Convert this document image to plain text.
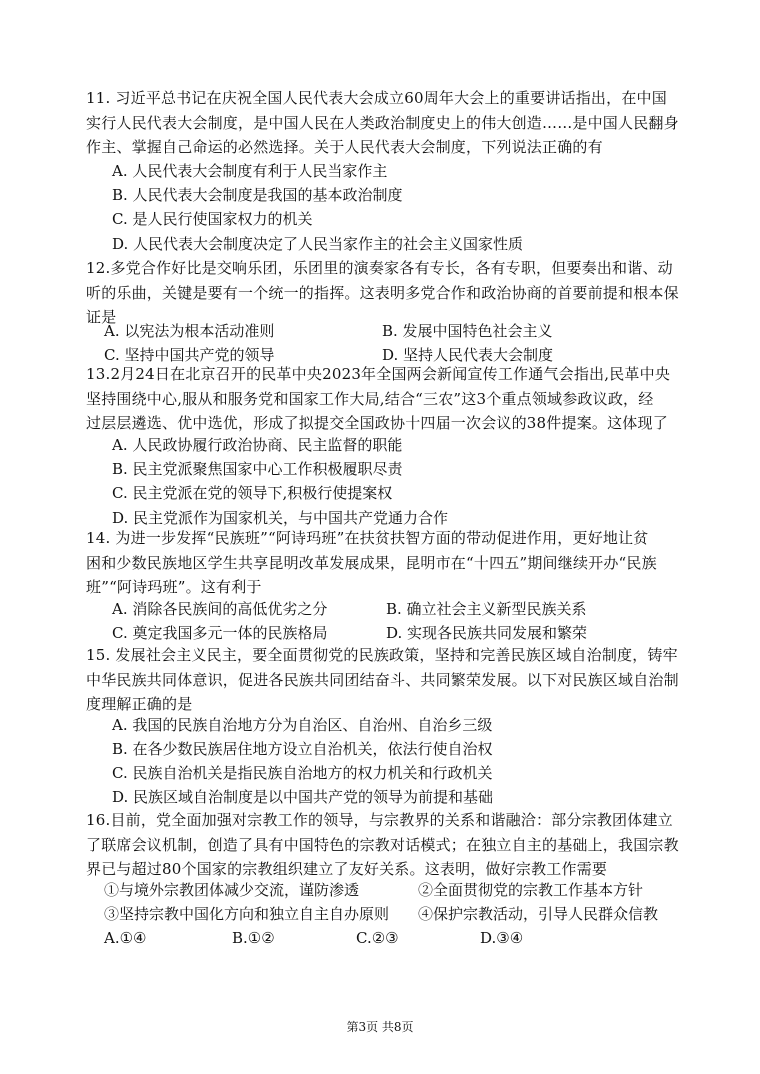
11. 习近平总书记在庆祝全国人民代表大会成立60周年大会上的重要讲话指出，在中国

实行人民代表大会制度，是中国人民在人类政治制度史上的伟大创造……是中国人民翻身

作主、掌握自己命运的必然选择。关于人民代表大会制度，下列说法正确的有

A. 人民代表大会制度有利于人民当家作主
B. 人民代表大会制度是我国的基本政治制度
C. 是人民行使国家权力的机关
D. 人民代表大会制度决定了人民当家作主的社会主义国家性质

12.多党合作好比是交响乐团，乐团里的演奏家各有专长，各有专职，但要奏出和谐、动

听的乐曲，关键是要有一个统一的指挥。这表明多党合作和政治协商的首要前提和根本保

证是

A. 以宪法为根本活动准则	B. 发展中国特色社会主义
C. 坚持中国共产党的领导	D. 坚持人民代表大会制度

13.2月24日在北京召开的民革中央2023年全国两会新闻宣传工作通气会指出,民革中央

坚持围绕中心,服从和服务党和国家工作大局,结合“三农”这3个重点领域参政议政，经

过层层遴选、优中选优，形成了拟提交全国政协十四届一次会议的38件提案。这体现了

A. 人民政协履行政治协商、民主监督的职能
B. 民主党派聚焦国家中心工作积极履职尽责
C. 民主党派在党的领导下,积极行使提案权
D. 民主党派作为国家机关，与中国共产党通力合作

14. 为进一步发挥“民族班”“阿诗玛班”在扶贫扶智方面的带动促进作用，更好地让贫

困和少数民族地区学生共享昆明改革发展成果，昆明市在“十四五”期间继续开办“民族

班”“阿诗玛班”。这有利于

A. 消除各民族间的高低优劣之分	B. 确立社会主义新型民族关系
C. 奠定我国多元一体的民族格局	D. 实现各民族共同发展和繁荣

15. 发展社会主义民主，要全面贯彻党的民族政策，坚持和完善民族区域自治制度，铸牢

中华民族共同体意识，促进各民族共同团结奋斗、共同繁荣发展。以下对民族区域自治制

度理解正确的是

A. 我国的民族自治地方分为自治区、自治州、自治乡三级
B. 在各少数民族居住地方设立自治机关，依法行使自治权
C. 民族自治机关是指民族自治地方的权力机关和行政机关
D. 民族区域自治制度是以中国共产党的领导为前提和基础

16.目前，党全面加强对宗教工作的领导，与宗教界的关系和谐融洽：部分宗教团体建立

了联席会议机制，创造了具有中国特色的宗教对话模式；在独立自主的基础上，我国宗教

界已与超过80个国家的宗教组织建立了友好关系。这表明，做好宗教工作需要

①与境外宗教团体减少交流，谨防渗透	②全面贯彻党的宗教工作基本方针
③坚持宗教中国化方向和独立自主自办原则 ④保护宗教活动，引导人民群众信教
A.①④	B.①②	C.②③	D.③④
第3页 共8页
